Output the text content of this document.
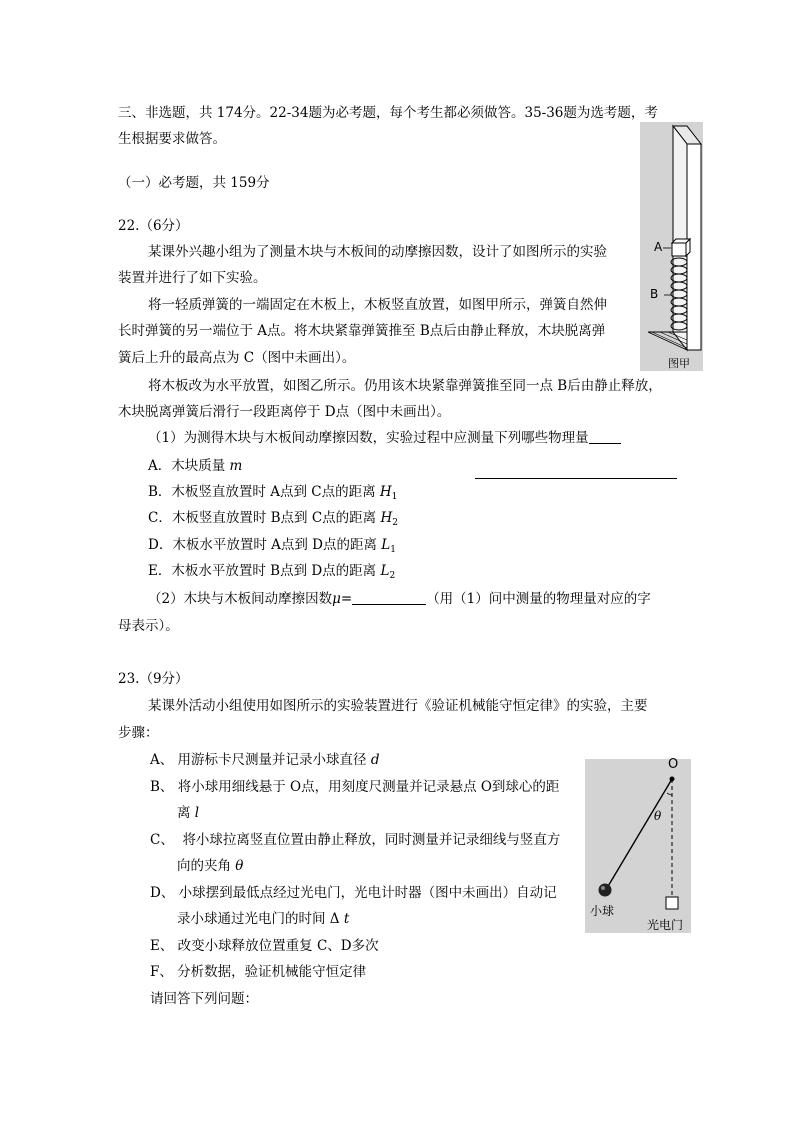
三、非选题，共 174分。22-34题为必考题，每个考生都必须做答。35-36题为选考题，考
生根据要求做答。
（一）必考题，共 159分
22.（6分）
某课外兴趣小组为了测量木块与木板间的动摩擦因数，设计了如图所示的实验
装置并进行了如下实验。
将一轻质弹簧的一端固定在木板上，木板竖直放置，如图甲所示，弹簧自然伸
长时弹簧的另一端位于 A点。将木块紧靠弹簧推至 B点后由静止释放，木块脱离弹
簧后上升的最高点为 C（图中未画出）。
将木板改为水平放置，如图乙所示。仍用该木块紧靠弹簧推至同一点 B后由静止释放，
木块脱离弹簧后滑行一段距离停于 D点（图中未画出）。
（1）为测得木块与木板间动摩擦因数，实验过程中应测量下列哪些物理量
A．木块质量 m
B．木板竖直放置时 A点到 C点的距离 $H_1$
C．木板竖直放置时 B点到 C点的距离 $H_2$
D．木板水平放置时 A点到 D点的距离 $L_1$
E．木板水平放置时 B点到 D点的距离 $L_2$
（2）木块与木板间动摩擦因数μ=	（用（1）问中测量的物理量对应的字
母表示）。
A
B
图甲
23.（9分）
某课外活动小组使用如图所示的实验装置进行《验证机械能守恒定律》的实验，主要
步骤：
A、 用游标卡尺测量并记录小球直径 d
B、 将小球用细线悬于 O点，用刻度尺测量并记录悬点 O到球心的距
离 l
C、 将小球拉离竖直位置由静止释放，同时测量并记录细线与竖直方
向的夹角 θ
D、 小球摆到最低点经过光电门，光电计时器（图中未画出）自动记
录小球通过光电门的时间 Δ t
E、 改变小球释放位置重复 C、D多次
F、 分析数据，验证机械能守恒定律
请回答下列问题：
O
θ
小球
光电门
